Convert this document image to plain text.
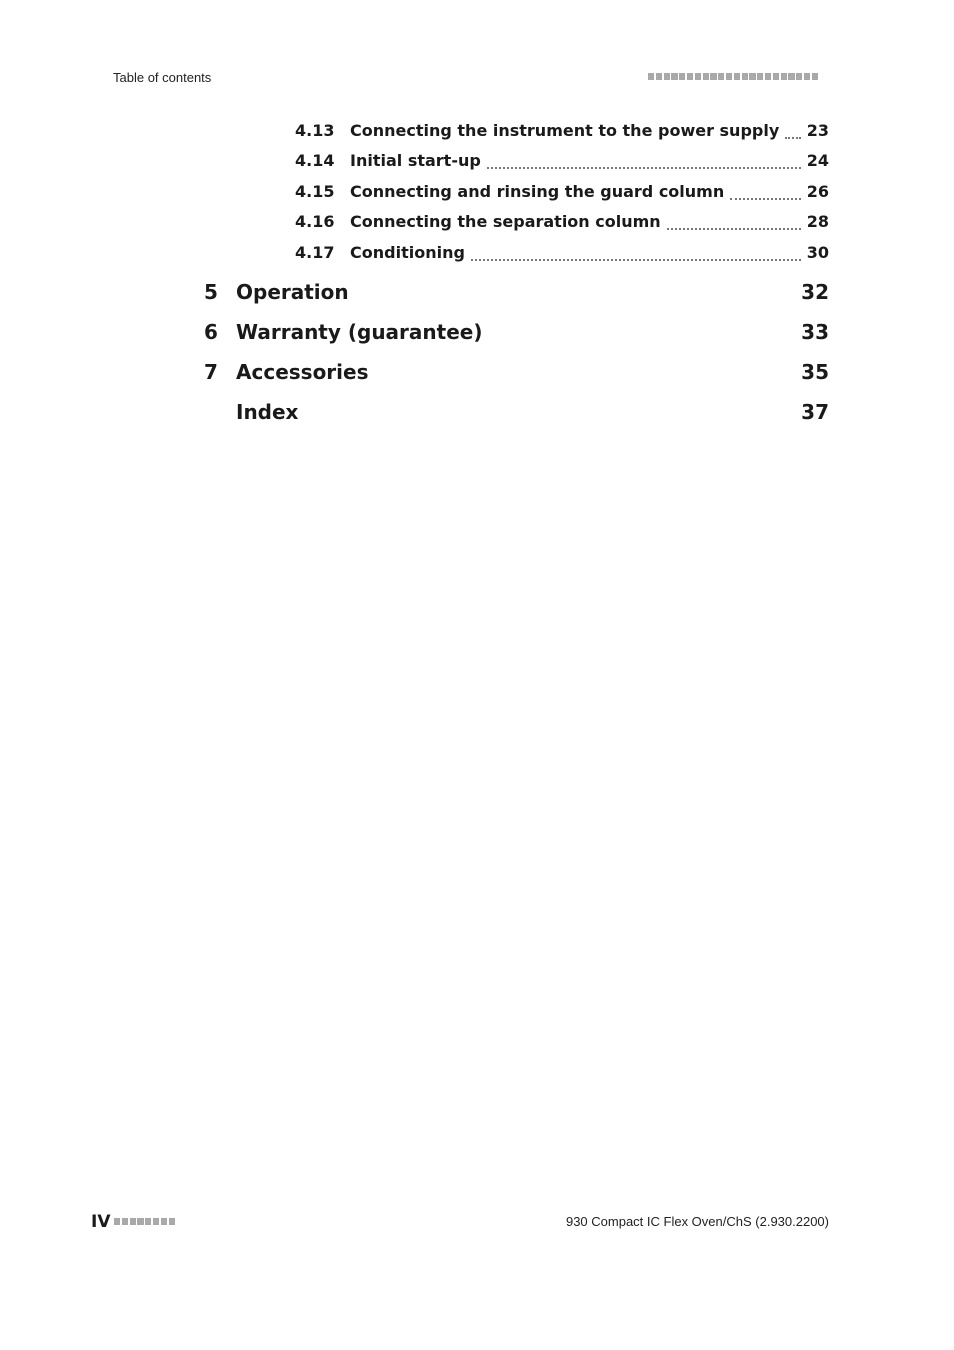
Table of contents
4.13 Connecting the instrument to the power supply 23
4.14 Initial start-up	24
4.15 Connecting and rinsing the guard column	26
4.16 Connecting the separation column	28
4.17 Conditioning	30
5 Operation	32
6 Warranty (guarantee)	33
7 Accessories	35
Index	37
IV	930 Compact IC Flex Oven/ChS (2.930.2200)
